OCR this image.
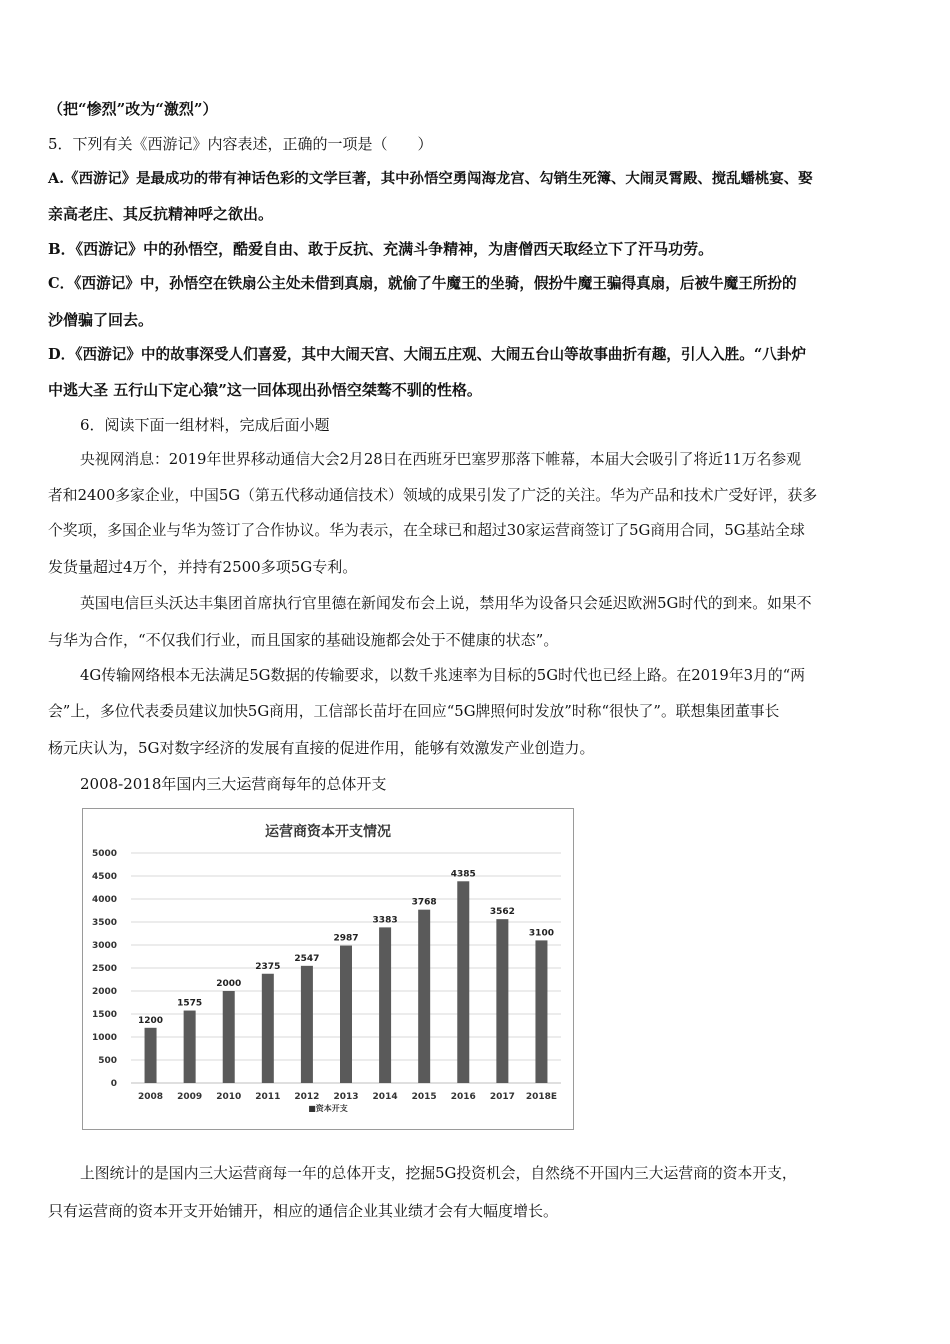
（把“惨烈”改为“激烈”）
5．下列有关《西游记》内容表述，正确的一项是（　　）
A.《西游记》是最成功的带有神话色彩的文学巨著，其中孙悟空勇闯海龙宫、勾销生死簿、大闹灵霄殿、搅乱蟠桃宴、娶
亲高老庄、其反抗精神呼之欲出。
B．《西游记》中的孙悟空，酷爱自由、敢于反抗、充满斗争精神，为唐僧西天取经立下了汗马功劳。
C．《西游记》中，孙悟空在铁扇公主处未借到真扇，就偷了牛魔王的坐骑，假扮牛魔王骗得真扇，后被牛魔王所扮的
沙僧骗了回去。
D．《西游记》中的故事深受人们喜爱，其中大闹天宫、大闹五庄观、大闹五台山等故事曲折有趣，引人入胜。“八卦炉
中逃大圣 五行山下定心猿”这一回体现出孙悟空桀骜不驯的性格。
6．阅读下面一组材料，完成后面小题
央视网消息：2019年世界移动通信大会2月28日在西班牙巴塞罗那落下帷幕，本届大会吸引了将近11万名参观
者和2400多家企业，中国5G（第五代移动通信技术）领域的成果引发了广泛的关注。华为产品和技术广受好评，获多
个奖项，多国企业与华为签订了合作协议。华为表示，在全球已和超过30家运营商签订了5G商用合同，5G基站全球
发货量超过4万个，并持有2500多项5G专利。
英国电信巨头沃达丰集团首席执行官里德在新闻发布会上说，禁用华为设备只会延迟欧洲5G时代的到来。如果不
与华为合作，“不仅我们行业，而且国家的基础设施都会处于不健康的状态”。
4G传输网络根本无法满足5G数据的传输要求，以数千兆速率为目标的5G时代也已经上路。在2019年3月的“两
会”上，多位代表委员建议加快5G商用，工信部长苗圩在回应“5G牌照何时发放”时称“很快了”。联想集团董事长
杨元庆认为，5G对数字经济的发展有直接的促进作用，能够有效激发产业创造力。
2008-2018年国内三大运营商每年的总体开支
运营商资本开支情况
■资本开支
0
500
1000
1500
2000
2500
3000
3500
4000
4500
5000
1200
2008
1575
2009
2000
2010
2375
2011
2547
2012
2987
2013
3383
2014
3768
2015
4385
2016
3562
2017
3100
2018E
上图统计的是国内三大运营商每一年的总体开支，挖掘5G投资机会，自然绕不开国内三大运营商的资本开支，
只有运营商的资本开支开始铺开，相应的通信企业其业绩才会有大幅度增长。
